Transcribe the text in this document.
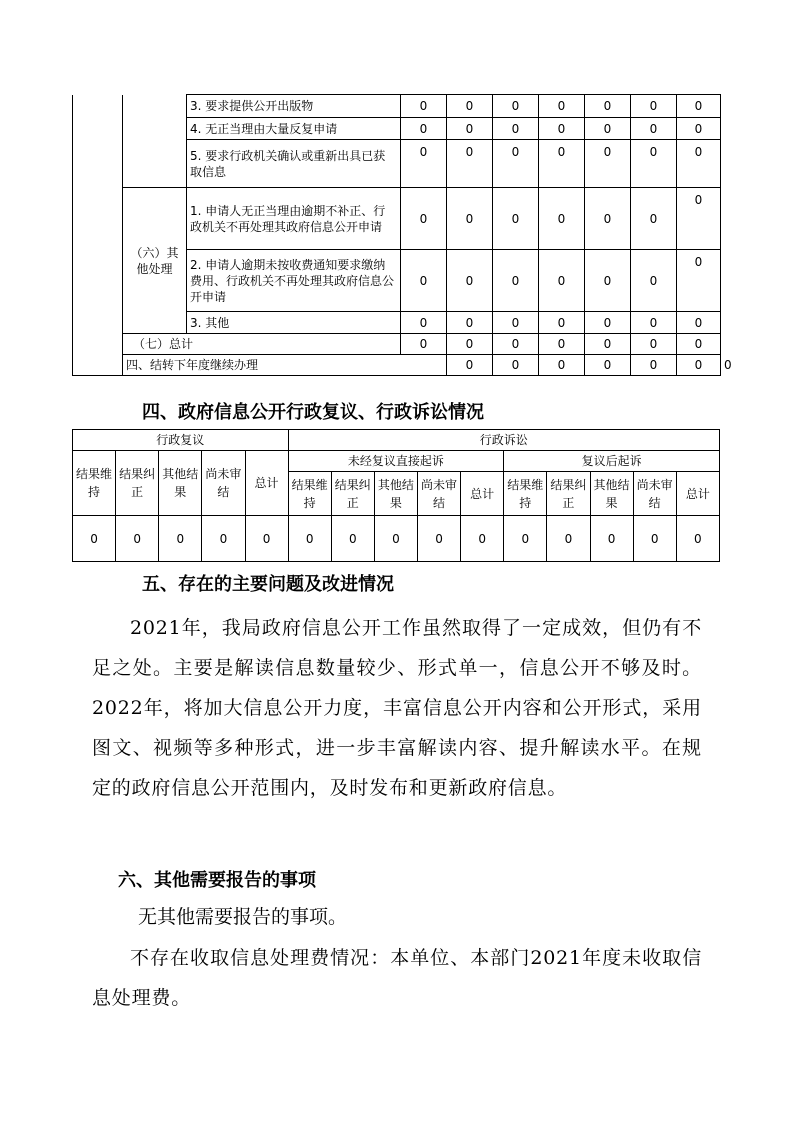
		3. 要求提供公开出版物	0	0	0	0	0	0	0	
		4. 无正当理由大量反复申请	0	0	0	0	0	0	0	
		5. 要求行政机关确认或重新出具已获取信息	0	0	0	0	0	0	0	
	（六）其他处理	1. 申请人无正当理由逾期不补正、行政机关不再处理其政府信息公开申请	0	0	0	0	0	0	0	
		2. 申请人逾期未按收费通知要求缴纳费用、行政机关不再处理其政府信息公开申请	0	0	0	0	0	0	0	
		3. 其他	0	0	0	0	0	0	0	
	（七）总计		0	0	0	0	0	0	0	
	四、结转下年度继续办理			0	0	0	0	0	0	0
四、政府信息公开行政复议、行政诉讼情况
行政复议					行政诉讼									
结果维持	结果纠正	其他结果	尚未审结	总计	未经复议直接起诉					复议后起诉				
					结果维持	结果纠正	其他结果	尚未审结	总计	结果维持	结果纠正	其他结果	尚未审结	总计
0	0	0	0	0	0	0	0	0	0	0	0	0	0	0
五、存在的主要问题及改进情况
2021年，我局政府信息公开工作虽然取得了一定成效，但仍有不足之处。主要是解读信息数量较少、形式单一，信息公开不够及时。2022年，将加大信息公开力度，丰富信息公开内容和公开形式，采用图文、视频等多种形式，进一步丰富解读内容、提升解读水平。在规定的政府信息公开范围内，及时发布和更新政府信息。
六、其他需要报告的事项
无其他需要报告的事项。
不存在收取信息处理费情况：本单位、本部门2021年度未收取信息处理费。
